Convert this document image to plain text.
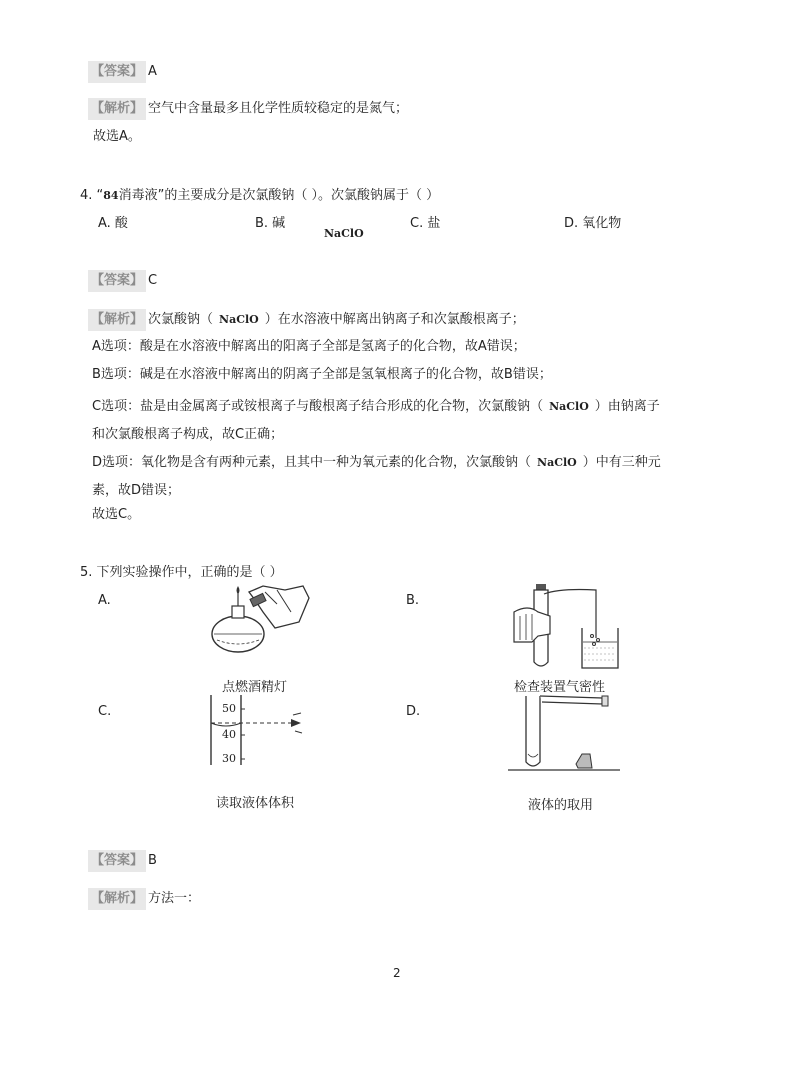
【答案】 A
【解析】 空气中含量最多且化学性质较稳定的是氮气；
故选A。
4. “84消毒液”的主要成分是次氯酸钠（ ）。次氯酸钠属于（ ）
A. 酸	B. 碱	C. 盐	D. 氧化物
NaClO
【答案】 C
【解析】 次氯酸钠（ NaClO ）在水溶液中解离出钠离子和次氯酸根离子；
A选项：酸是在水溶液中解离出的阳离子全部是氢离子的化合物，故A错误；
B选项：碱是在水溶液中解离出的阴离子全部是氢氧根离子的化合物，故B错误；
C选项：盐是由金属离子或铵根离子与酸根离子结合形成的化合物，次氯酸钠（ NaClO ）由钠离子
和次氯酸根离子构成，故C正确；
D选项：氧化物是含有两种元素，且其中一种为氧元素的化合物，次氯酸钠（ NaClO ）中有三种元
素，故D错误；
故选C。
5. 下列实验操作中，正确的是（ ）
A.	B.
C.	D.
50
40
30
点燃酒精灯	检查装置气密性
读取液体体积	液体的取用
【答案】 B
【解析】 方法一：
2
